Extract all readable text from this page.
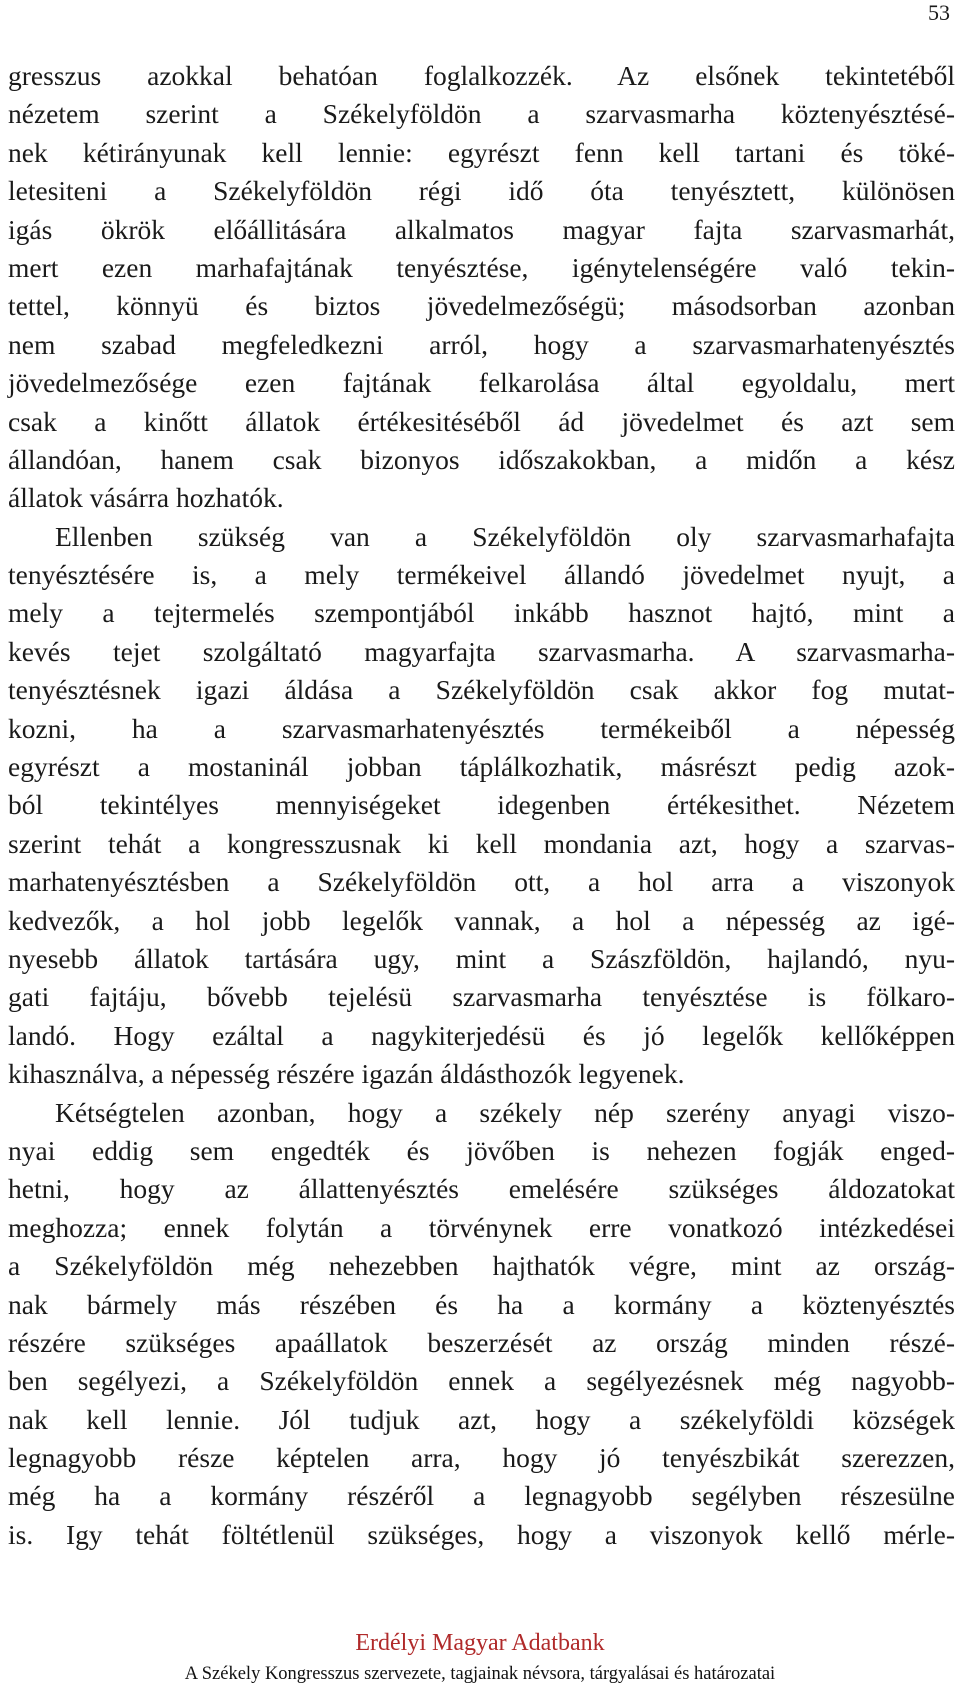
53
gresszus azokkal behatóan foglalkozzék. Az elsőnek tekintetéből
nézetem szerint a Székelyföldön a szarvasmarha köztenyésztésé-
nek kétirányunak kell lennie: egyrészt fenn kell tartani és töké-
letesiteni a Székelyföldön régi idő óta tenyésztett, különösen
igás ökrök előállitására alkalmatos magyar fajta szarvasmarhát,
mert ezen marhafajtának tenyésztése, igénytelenségére való tekin-
tettel, könnyü és biztos jövedelmezőségü; másodsorban azonban
nem szabad megfeledkezni arról, hogy a szarvasmarhatenyésztés
jövedelmezősége ezen fajtának felkarolása által egyoldalu, mert
csak a kinőtt állatok értékesitéséből ád jövedelmet és azt sem
állandóan, hanem csak bizonyos időszakokban, a midőn a kész
állatok vásárra hozhatók.
Ellenben szükség van a Székelyföldön oly szarvasmarhafajta
tenyésztésére is, a mely termékeivel állandó jövedelmet nyujt, a
mely a tejtermelés szempontjából inkább hasznot hajtó, mint a
kevés tejet szolgáltató magyarfajta szarvasmarha. A szarvasmarha-
tenyésztésnek igazi áldása a Székelyföldön csak akkor fog mutat-
kozni, ha a szarvasmarhatenyésztés termékeiből a népesség
egyrészt a mostaninál jobban táplálkozhatik, másrészt pedig azok-
ból tekintélyes mennyiségeket idegenben értékesithet. Nézetem
szerint tehát a kongresszusnak ki kell mondania azt, hogy a szarvas-
marhatenyésztésben a Székelyföldön ott, a hol arra a viszonyok
kedvezők, a hol jobb legelők vannak, a hol a népesség az igé-
nyesebb állatok tartására ugy, mint a Szászföldön, hajlandó, nyu-
gati fajtáju, bővebb tejelésü szarvasmarha tenyésztése is fölkaro-
landó. Hogy ezáltal a nagykiterjedésü és jó legelők kellőképpen
kihasználva, a népesség részére igazán áldásthozók legyenek.
Kétségtelen azonban, hogy a székely nép szerény anyagi viszo-
nyai eddig sem engedték és jövőben is nehezen fogják enged-
hetni, hogy az állattenyésztés emelésére szükséges áldozatokat
meghozza; ennek folytán a törvénynek erre vonatkozó intézkedései
a Székelyföldön még nehezebben hajthatók végre, mint az ország-
nak bármely más részében és ha a kormány a köztenyésztés
részére szükséges apaállatok beszerzését az ország minden részé-
ben segélyezi, a Székelyföldön ennek a segélyezésnek még nagyobb-
nak kell lennie. Jól tudjuk azt, hogy a székelyföldi községek
legnagyobb része képtelen arra, hogy jó tenyészbikát szerezzen,
még ha a kormány részéről a legnagyobb segélyben részesülne
is. Igy tehát föltétlenül szükséges, hogy a viszonyok kellő mérle-
Erdélyi Magyar Adatbank
A Székely Kongresszus szervezete, tagjainak névsora, tárgyalásai és határozatai
